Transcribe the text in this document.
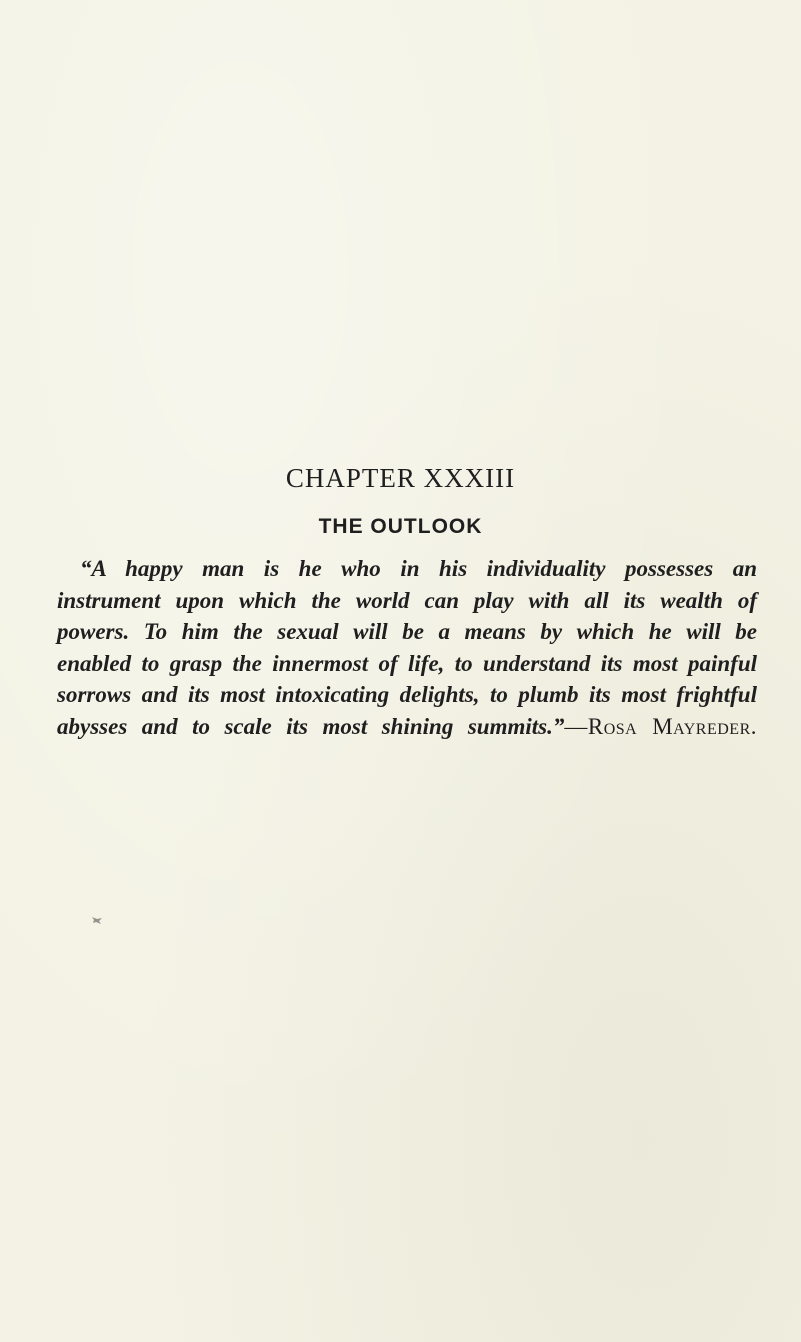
CHAPTER XXXIII
THE OUTLOOK

“A happy man is he who in his individuality possesses an
instrument upon which the world can play with all its wealth of
powers. To him the sexual will be a means by which he will be
enabled to grasp the innermost of life, to understand its most painful
sorrows and its most intoxicating delights, to plumb its most frightful
abysses and to scale its most shining summits.”—Rosa Mayreder.
